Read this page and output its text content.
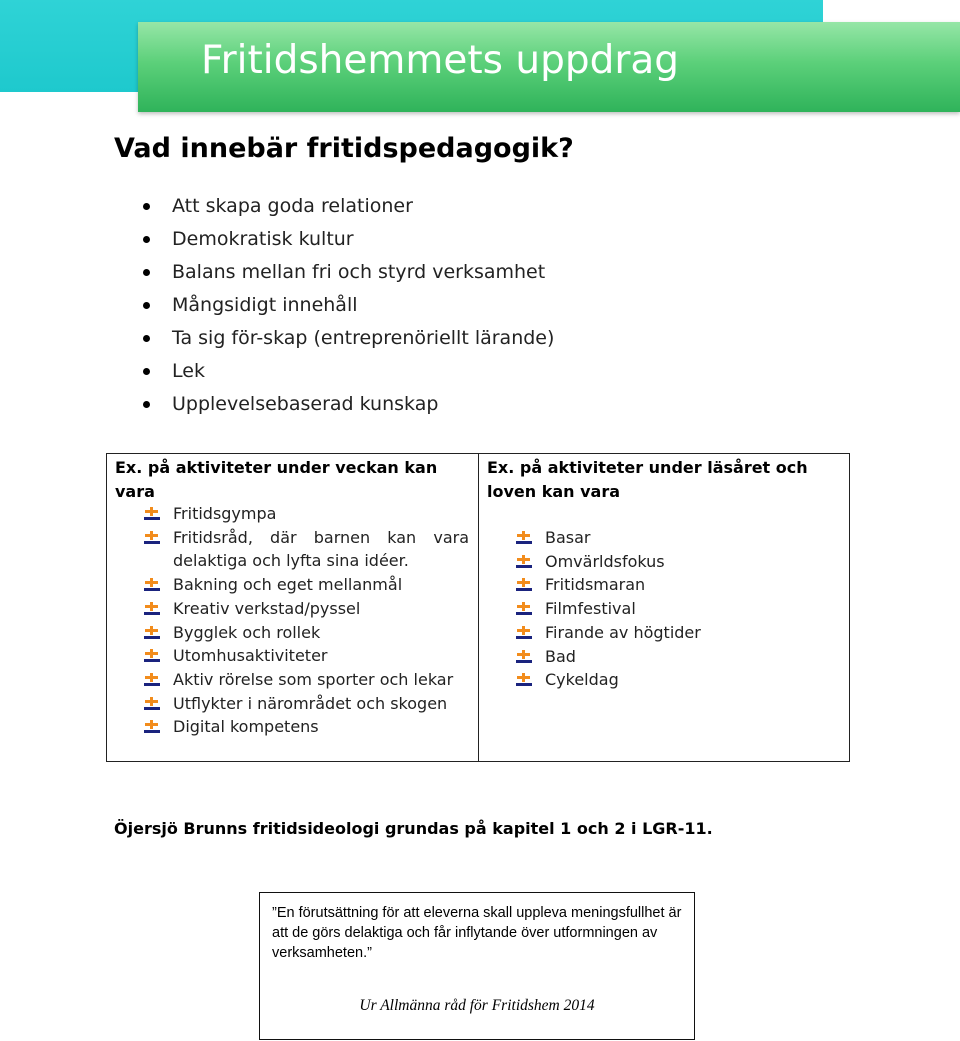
Fritidshemmets uppdrag
Vad innebär fritidspedagogik?
Att skapa goda relationer
Demokratisk kultur
Balans mellan fri och styrd verksamhet
Mångsidigt innehåll
Ta sig för-skap (entreprenöriellt lärande)
Lek
Upplevelsebaserad kunskap

Ex. på aktiviteter under veckan kan vara

Fritidsgympa
Fritidsråd, där barnen kan vara delaktiga och lyfta sina idéer.
Bakning och eget mellanmål
Kreativ verkstad/pyssel
Bygglek och rollek
Utomhusaktiviteter
Aktiv rörelse som sporter och lekar
Utflykter i närområdet och skogen
Digital kompetens

Ex. på aktiviteter under läsåret och loven kan vara

Basar
Omvärldsfokus
Fritidsmaran
Filmfestival
Firande av högtider
Bad
Cykeldag

Öjersjö Brunns fritidsideologi grundas på kapitel 1 och 2 i LGR-11.

”En förutsättning för att eleverna skall uppleva meningsfullhet är att de görs delaktiga och får inflytande över utformningen av verksamheten.”

Ur Allmänna råd för Fritidshem 2014
